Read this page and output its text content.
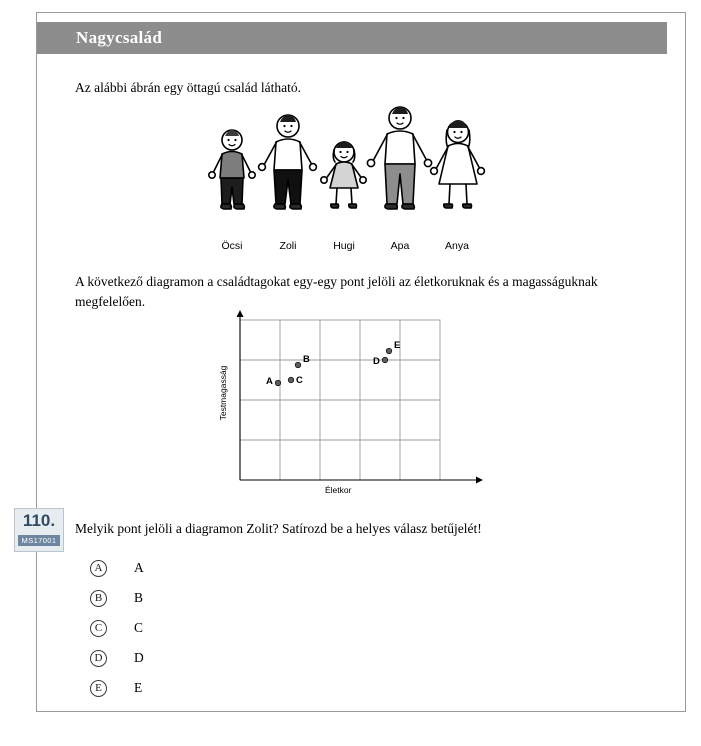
Nagycsalád
Az alábbi ábrán egy öttagú család látható.
Öcsi	Zoli	Hugi	Apa	Anya
A következő diagramon a családtagokat egy-egy pont jelöli az életkoruknak és a magasságuknak megfelelően.
A
B
C
D
E
Testmagasság
Életkor
110.
MS17001
Melyik pont jelöli a diagramon Zolit? Satírozd be a helyes válasz betűjelét!
A	A
B	B
C	C
D	D
E	E
